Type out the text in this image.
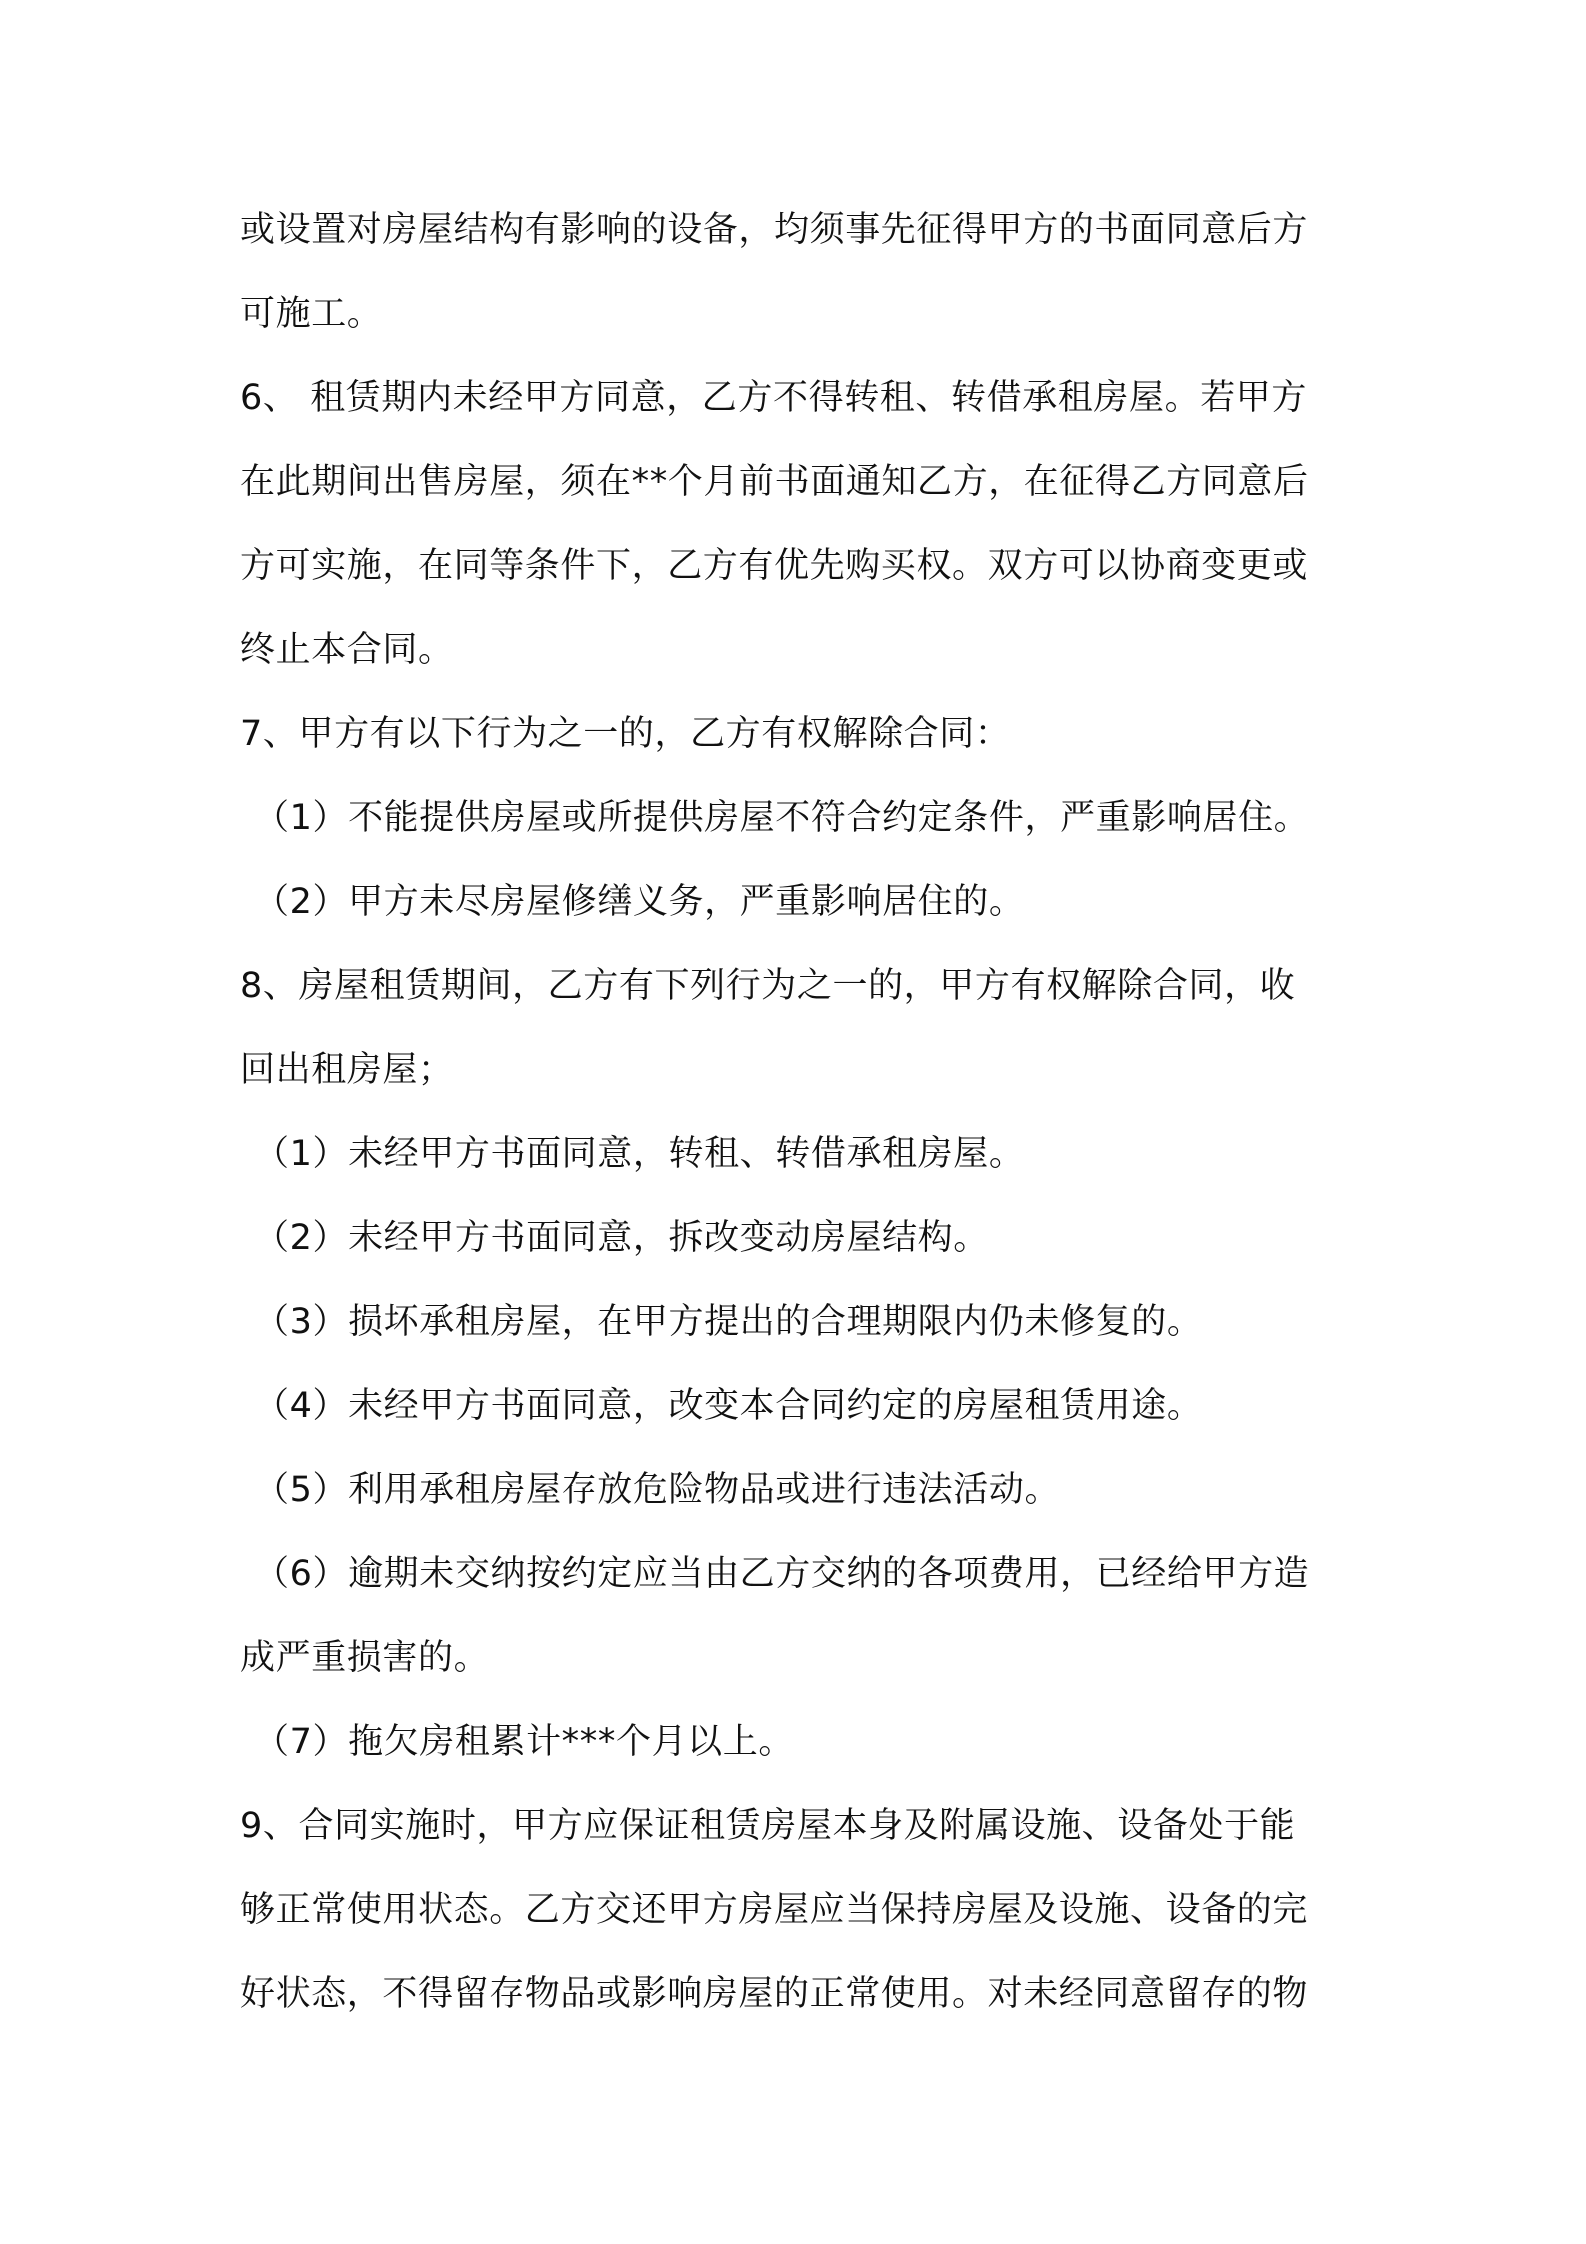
或设置对房屋结构有影响的设备，均须事先征得甲方的书面同意后方

可施工。

6、 租赁期内未经甲方同意，乙方不得转租、转借承租房屋。若甲方

在此期间出售房屋，须在**个月前书面通知乙方，在征得乙方同意后

方可实施，在同等条件下，乙方有优先购买权。双方可以协商变更或

终止本合同。

7、甲方有以下行为之一的，乙方有权解除合同：

（1）不能提供房屋或所提供房屋不符合约定条件，严重影响居住。

（2）甲方未尽房屋修缮义务，严重影响居住的。

8、房屋租赁期间，乙方有下列行为之一的，甲方有权解除合同，收

回出租房屋；

（1）未经甲方书面同意，转租、转借承租房屋。

（2）未经甲方书面同意，拆改变动房屋结构。

（3）损坏承租房屋，在甲方提出的合理期限内仍未修复的。

（4）未经甲方书面同意，改变本合同约定的房屋租赁用途。

（5）利用承租房屋存放危险物品或进行违法活动。

（6）逾期未交纳按约定应当由乙方交纳的各项费用，已经给甲方造

成严重损害的。

（7）拖欠房租累计***个月以上。

9、合同实施时，甲方应保证租赁房屋本身及附属设施、设备处于能

够正常使用状态。乙方交还甲方房屋应当保持房屋及设施、设备的完

好状态，不得留存物品或影响房屋的正常使用。对未经同意留存的物
